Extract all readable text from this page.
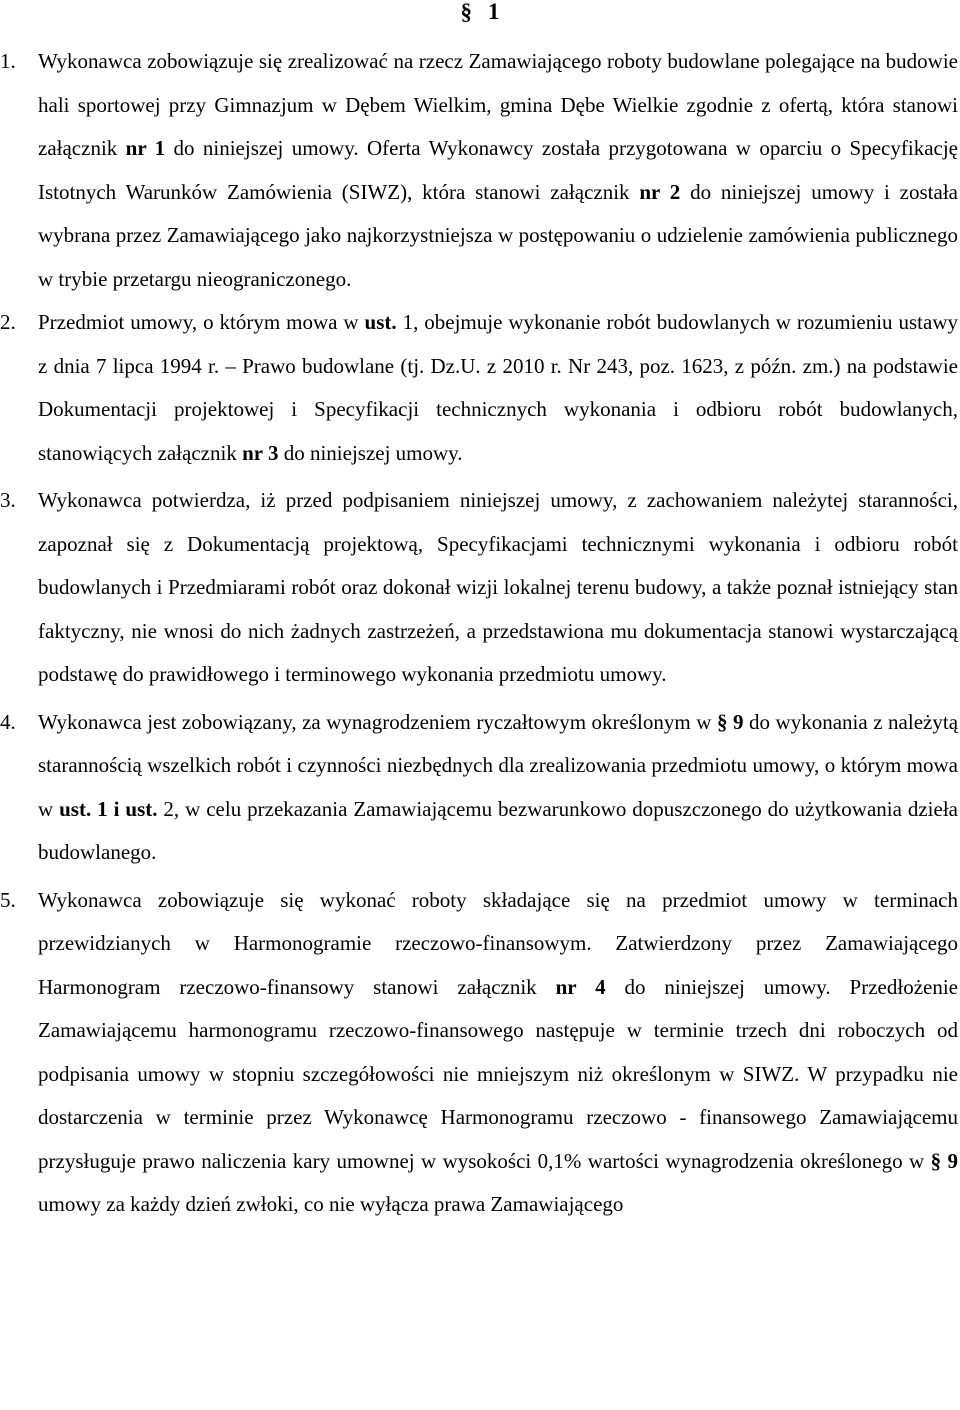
§ 1
1.	Wykonawca zobowiązuje się zrealizować na rzecz Zamawiającego roboty budowlane polegające na budowie hali sportowej przy Gimnazjum w Dębem Wielkim, gmina Dębe Wielkie zgodnie z ofertą, która stanowi załącznik nr 1 do niniejszej umowy. Oferta Wykonawcy została przygotowana w oparciu o Specyfikację Istotnych Warunków Zamówienia (SIWZ), która stanowi załącznik nr 2 do niniejszej umowy i została wybrana przez Zamawiającego jako najkorzystniejsza w postępowaniu o udzielenie zamówienia publicznego w trybie przetargu nieograniczonego.
2.	Przedmiot umowy, o którym mowa w ust. 1, obejmuje wykonanie robót budowlanych w rozumieniu ustawy z dnia 7 lipca 1994 r. – Prawo budowlane (tj. Dz.U. z 2010 r. Nr 243, poz. 1623, z późn. zm.) na podstawie Dokumentacji projektowej i Specyfikacji technicznych wykonania i odbioru robót budowlanych, stanowiących załącznik nr 3 do niniejszej umowy.
3.	Wykonawca potwierdza, iż przed podpisaniem niniejszej umowy, z zachowaniem należytej staranności, zapoznał się z Dokumentacją projektową, Specyfikacjami technicznymi wykonania i odbioru robót budowlanych i Przedmiarami robót oraz dokonał wizji lokalnej terenu budowy, a także poznał istniejący stan faktyczny, nie wnosi do nich żadnych zastrzeżeń, a przedstawiona mu dokumentacja stanowi wystarczającą podstawę do prawidłowego i terminowego wykonania przedmiotu umowy.
4.	Wykonawca jest zobowiązany, za wynagrodzeniem ryczałtowym określonym w § 9 do wykonania z należytą starannością wszelkich robót i czynności niezbędnych dla zrealizowania przedmiotu umowy, o którym mowa w ust. 1 i ust. 2, w celu przekazania Zamawiającemu bezwarunkowo dopuszczonego do użytkowania dzieła budowlanego.
5.	Wykonawca zobowiązuje się wykonać roboty składające się na przedmiot umowy w terminach przewidzianych w Harmonogramie rzeczowo-finansowym. Zatwierdzony przez Zamawiającego Harmonogram rzeczowo-finansowy stanowi załącznik nr 4 do niniejszej umowy. Przedłożenie Zamawiającemu harmonogramu rzeczowo-finansowego następuje w terminie trzech dni roboczych od podpisania umowy w stopniu szczegółowości nie mniejszym niż określonym w SIWZ. W przypadku nie dostarczenia w terminie przez Wykonawcę Harmonogramu rzeczowo - finansowego Zamawiającemu przysługuje prawo naliczenia kary umownej w wysokości 0,1% wartości wynagrodzenia określonego w § 9 umowy za każdy dzień zwłoki, co nie wyłącza prawa Zamawiającego
